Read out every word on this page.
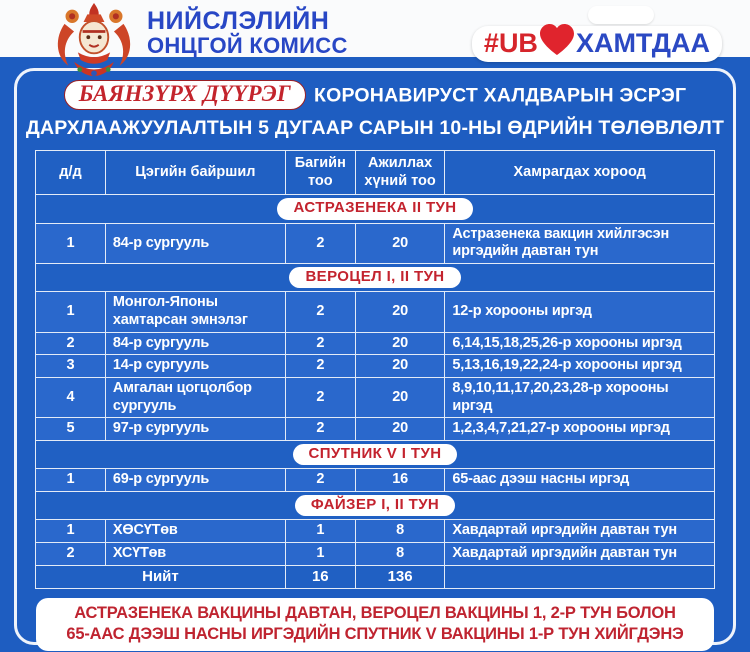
НИЙСЛЭЛИЙН
ОНЦГОЙ КОМИСС	#UB ХАМТДАА
БАЯНЗҮРХ ДҮҮРЭГ КОРОНАВИРУСТ ХАЛДВАРЫН ЭСРЭГ
ДАРХЛААЖУУЛАЛТЫН 5 ДУГААР САРЫН 10-НЫ ӨДРИЙН ТӨЛӨВЛӨЛТ
д/д	Цэгийн байршил	Багийн тоо	Ажиллах хүний тоо	Хамрагдах хороод
АСТРАЗЕНЕКА II ТУН				
1	84-р сургууль	2	20	Астразенека вакцин хийлгэсэн иргэдийн давтан тун
ВЕРОЦЕЛ I, II ТУН				
1	Монгол-Японы хамтарсан эмнэлэг	2	20	12-р хорооны иргэд
2	84-р сургууль	2	20	6,14,15,18,25,26-р хорооны иргэд
3	14-р сургууль	2	20	5,13,16,19,22,24-р хорооны иргэд
4	Амгалан цогцолбор сургууль	2	20	8,9,10,11,17,20,23,28-р хорооны иргэд
5	97-р сургууль	2	20	1,2,3,4,7,21,27-р хорооны иргэд
СПУТНИК V I ТУН				
1	69-р сургууль	2	16	65-аас дээш насны иргэд
ФАЙЗЕР I, II ТУН				
1	ХӨСҮТөв	1	8	Хавдартай иргэдийн давтан тун
2	ХСҮТөв	1	8	Хавдартай иргэдийн давтан тун
Нийт		16	136	
АСТРАЗЕНЕКА ВАКЦИНЫ ДАВТАН, ВЕРОЦЕЛ ВАКЦИНЫ 1, 2-Р ТУН БОЛОН
65-ААС ДЭЭШ НАСНЫ ИРГЭДИЙН СПУТНИК V ВАКЦИНЫ 1-Р ТУН ХИЙГДЭНЭ
